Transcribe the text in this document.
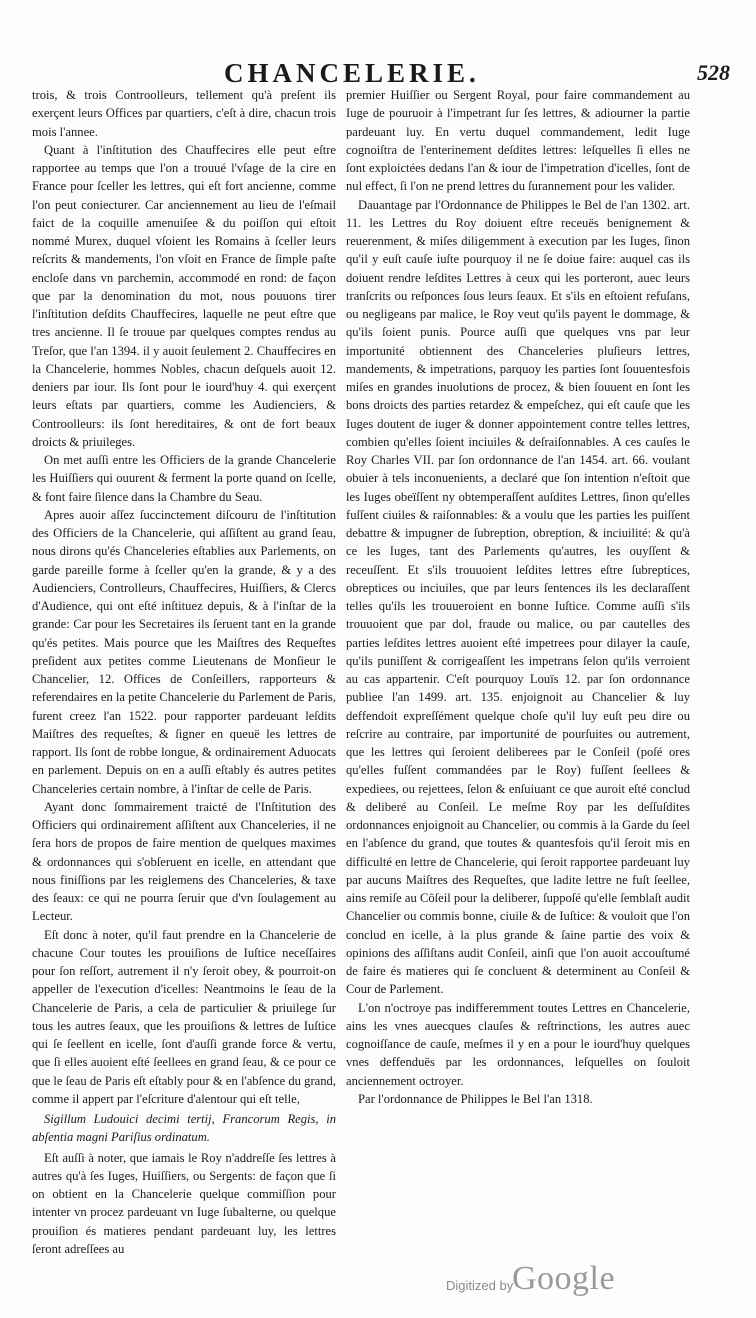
CHANCELERIE.	528

trois, & trois Controolleurs, tellement qu'à preſent ils exerçent leurs Offices par quartiers, c'eſt à dire, chacun trois mois l'annee.

Quant à l'inſtitution des Chauffecires elle peut eſtre rapportee au temps que l'on a trouué l'vſage de la cire en France pour ſceller les lettres, qui eſt fort ancienne, comme l'on peut coniecturer. Car anciennement au lieu de l'eſmail faict de la coquille amenuiſee & du poiſſon qui eſtoit nommé Murex, duquel vſoient les Romains à ſceller leurs reſcrits & mandements, l'on vſoit en France de ſimple paſte encloſe dans vn parchemin, accommodé en rond: de façon que par la denomination du mot, nous pouuons tirer l'inſtitution deſdits Chauffecires, laquelle ne peut eſtre que tres ancienne. Il ſe trouue par quelques comptes rendus au Treſor, que l'an 1394. il y auoit ſeulement 2. Chauffecires en la Chancelerie, hommes Nobles, chacun deſquels auoit 12. deniers par iour. Ils ſont pour le iourd'huy 4. qui exerçent leurs eſtats par quartiers, comme les Audienciers, & Controolleurs: ils ſont hereditaires, & ont de fort beaux droicts & priuileges.

On met auſſi entre les Officiers de la grande Chancelerie les Huiſſiers qui ouurent & ferment la porte quand on ſcelle, & font faire ſilence dans la Chambre du Seau.

Apres auoir aſſez ſuccinctement diſcouru de l'inſtitution des Officiers de la Chancelerie, qui aſſiſtent au grand ſeau, nous dirons qu'és Chanceleries eſtablies aux Parlements, on garde pareille forme à ſceller qu'en la grande, & y a des Audienciers, Controlleurs, Chauffecires, Huiſſiers, & Clercs d'Audience, qui ont eſté inſtituez depuis, & à l'inſtar de la grande: Car pour les Secretaires ils ſeruent tant en la grande qu'és petites. Mais pource que les Maiſtres des Requeſtes preſident aux petites comme Lieutenans de Monſieur le Chancelier, 12. Offices de Conſeillers, rapporteurs & referendaires en la petite Chancelerie du Parlement de Paris, furent creez l'an 1522. pour rapporter pardeuant leſdits Maiſtres des requeſtes, & ſigner en queuë les lettres de rapport. Ils ſont de robbe longue, & ordinairement Aduocats en parlement. Depuis on en a auſſi eſtably és autres petites Chanceleries certain nombre, à l'inſtar de celle de Paris.

Ayant donc ſommairement traicté de l'Inſtitution des Officiers qui ordinairement aſſiſtent aux Chanceleries, il ne ſera hors de propos de faire mention de quelques maximes & ordonnances qui s'obſeruent en icelle, en attendant que nous finiſſions par les reiglemens des Chanceleries, & taxe des ſeaux: ce qui ne pourra ſeruir que d'vn ſoulagement au Lecteur.

Eſt donc à noter, qu'il faut prendre en la Chancelerie de chacune Cour toutes les prouiſions de Iuſtice neceſſaires pour ſon reſſort, autrement il n'y ſeroit obey, & pourroit-on appeller de l'execution d'icelles: Neantmoins le ſeau de la Chancelerie de Paris, a cela de particulier & priuilege ſur tous les autres ſeaux, que les prouiſions & lettres de Iuſtice qui ſe ſeellent en icelle, ſont d'auſſi grande force & vertu, que ſi elles auoient eſté ſeellees en grand ſeau, & ce pour ce que le ſeau de Paris eſt eſtably pour & en l'abſence du grand, comme il appert par l'eſcriture d'alentour qui eſt telle,

Sigillum Ludouici decimi tertij, Francorum Regis, in abſentia magni Pariſius ordinatum.

Eſt auſſi à noter, que iamais le Roy n'addreſſe ſes lettres à autres qu'à ſes Iuges, Huiſſiers, ou Sergents: de façon que ſi on obtient en la Chancelerie quelque commiſſion pour intenter vn procez pardeuant vn Iuge ſubalterne, ou quelque prouiſion és matieres pendant pardeuant luy, les lettres ſeront adreſſees au

premier Huiſſier ou Sergent Royal, pour faire commandement au Iuge de pouruoir à l'impetrant ſur ſes lettres, & adiourner la partie pardeuant luy. En vertu duquel commandement, ledit Iuge cognoiſtra de l'enterinement deſdites lettres: leſquelles ſi elles ne ſont exploictées dedans l'an & iour de l'impetration d'icelles, ſont de nul effect, ſi l'on ne prend lettres du ſurannement pour les valider.

Dauantage par l'Ordonnance de Philippes le Bel de l'an 1302. art. 11. les Lettres du Roy doiuent eſtre receuës benignement & reuerenment, & miſes diligemment à execution par les Iuges, ſinon qu'il y euſt cauſe iuſte pourquoy il ne ſe doiue faire: auquel cas ils doiuent rendre leſdites Lettres à ceux qui les porteront, auec leurs tranſcrits ou reſponces ſous leurs ſeaux. Et s'ils en eſtoient refuſans, ou negligeans par malice, le Roy veut qu'ils payent le dommage, & qu'ils ſoient punis. Pource auſſi que quelques vns par leur importunité obtiennent des Chanceleries pluſieurs lettres, mandements, & impetrations, parquoy les parties ſont ſouuentesfois miſes en grandes inuolutions de procez, & bien ſouuent en ſont les bons droicts des parties retardez & empeſchez, qui eſt cauſe que les Iuges doutent de iuger & donner appointement contre telles lettres, combien qu'elles ſoient inciuiles & deſraiſonnables. A ces cauſes le Roy Charles VII. par ſon ordonnance de l'an 1454. art. 66. voulant obuier à tels inconuenients, a declaré que ſon intention n'eſtoit que les Iuges obeïſſent ny obtemperaſſent auſdites Lettres, ſinon qu'elles fuſſent ciuiles & raiſonnables: & a voulu que les parties les puiſſent debattre & impugner de ſubreption, obreption, & inciuilité: & qu'à ce les Iuges, tant des Parlements qu'autres, les ouyſſent & receuſſent. Et s'ils trouuoient leſdites lettres eſtre ſubreptices, obreptices ou inciuiles, que par leurs ſentences ils les declaraſſent telles qu'ils les trouueroient en bonne Iuſtice. Comme auſſi s'ils trouuoient que par dol, fraude ou malice, ou par cautelles des parties leſdites lettres auoient eſté impetrees pour dilayer la cauſe, qu'ils puniſſent & corrigeaſſent les impetrans ſelon qu'ils verroient au cas appartenir. C'eſt pourquoy Louïs 12. par ſon ordonnance publiee l'an 1499. art. 135. enjoignoit au Chancelier & luy deffendoit expreſſément quelque choſe qu'il luy euſt peu dire ou reſcrire au contraire, par importunité de pourſuites ou autrement, que les lettres qui ſeroient deliberees par le Conſeil (poſé ores qu'elles fuſſent commandées par le Roy) fuſſent ſeellees & expediees, ou rejettees, ſelon & enſuiuant ce que auroit eſté conclud & deliberé au Conſeil. Le meſme Roy par les deſſuſdites ordonnances enjoignoit au Chancelier, ou commis à la Garde du ſeel en l'abſence du grand, que toutes & quantesfois qu'il ſeroit mis en difficulté en lettre de Chancelerie, qui ſeroit rapportee pardeuant luy par aucuns Maiſtres des Requeſtes, que ladite lettre ne fuſt ſeellee, ains remiſe au Côſeil pour la deliberer, ſuppoſé qu'elle ſemblaſt audit Chancelier ou commis bonne, ciuile & de Iuſtice: & vouloit que l'on conclud en icelle, à la plus grande & ſaine partie des voix & opinions des aſſiſtans audit Conſeil, ainſi que l'on auoit accouſtumé de faire és matieres qui ſe concluent & determinent au Conſeil & Cour de Parlement.

L'on n'octroye pas indifferemment toutes Lettres en Chancelerie, ains les vnes auecques clauſes & reſtrinctions, les autres auec cognoiſſance de cauſe, meſmes il y en a pour le iourd'huy quelques vnes deffenduës par les ordonnances, leſquelles on ſouloit anciennement octroyer.

Par l'ordonnance de Philippes le Bel l'an 1318.

Digitized by
Google
